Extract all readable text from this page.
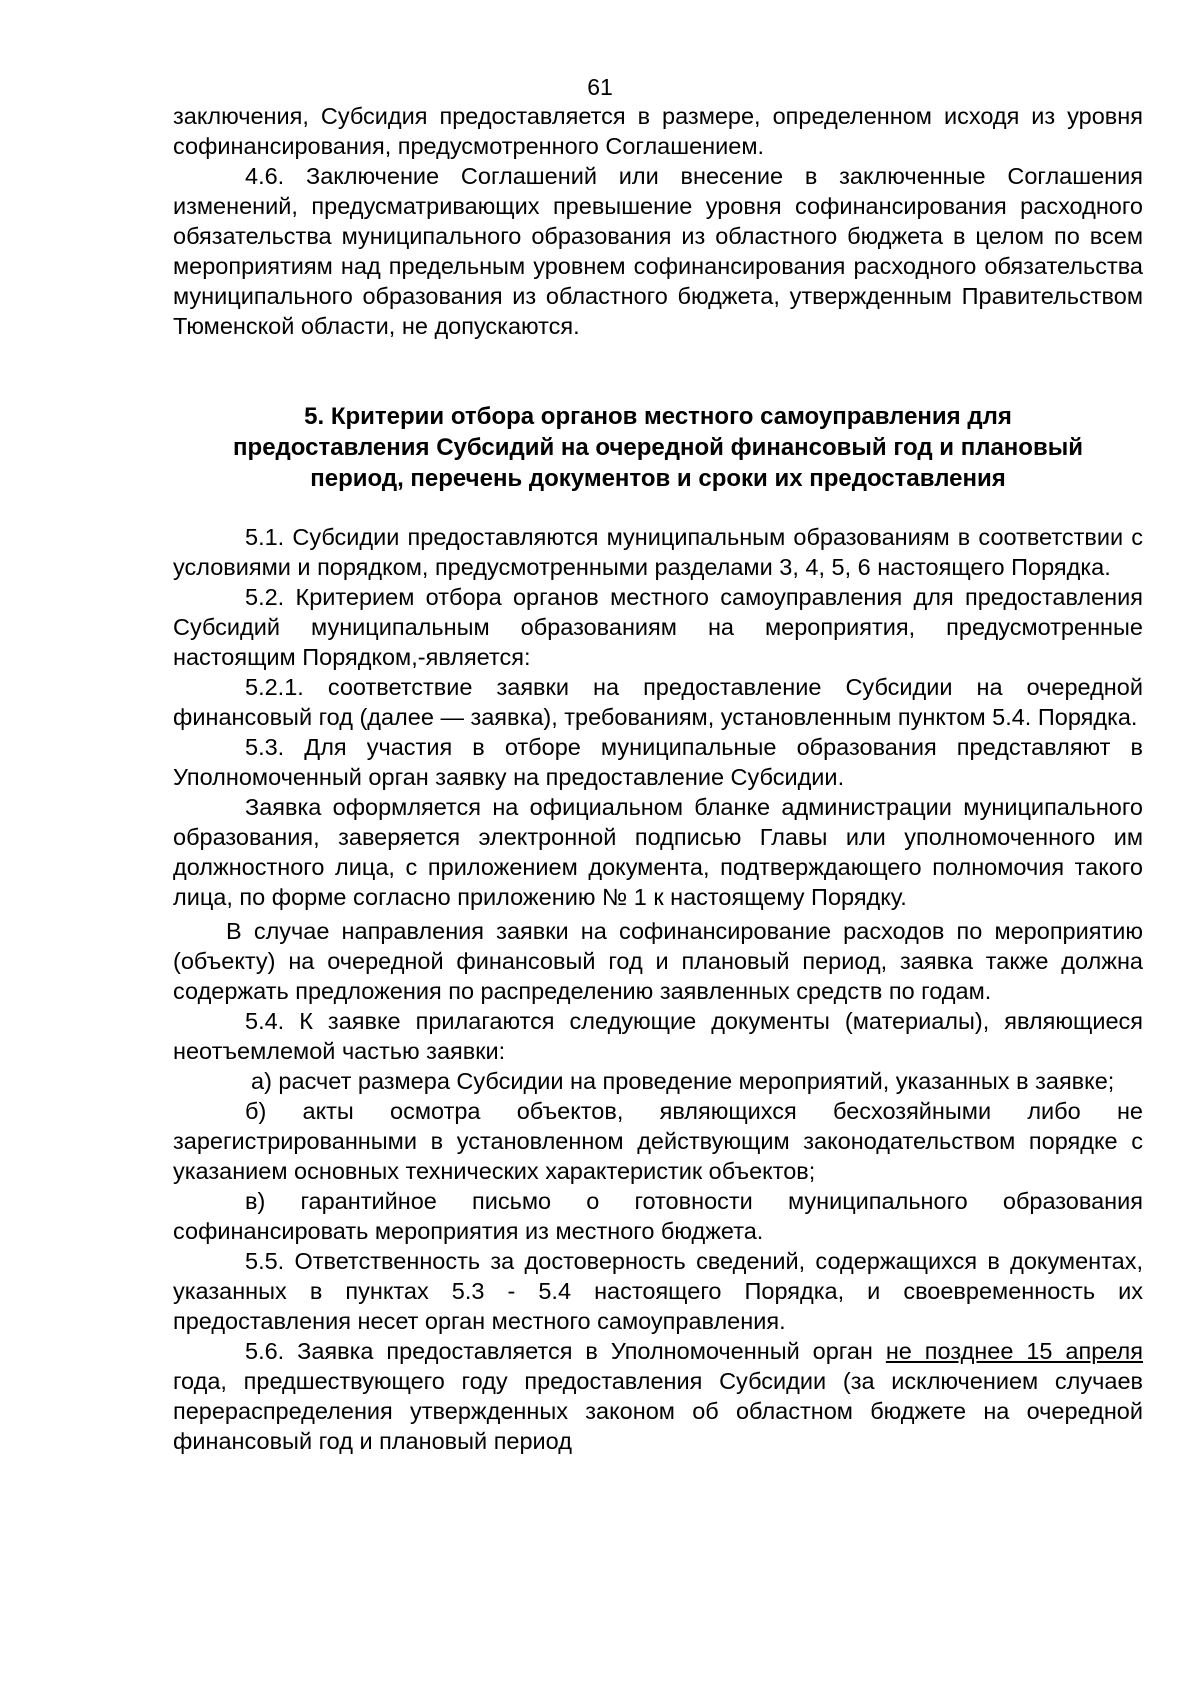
61

заключения, Субсидия предоставляется в размере, определенном исходя из уровня софинансирования, предусмотренного Соглашением.

4.6. Заключение Соглашений или внесение в заключенные Соглашения изменений, предусматривающих превышение уровня софинансирования расходного обязательства муниципального образования из областного бюджета в целом по всем мероприятиям над предельным уровнем софинансирования расходного обязательства муниципального образования из областного бюджета, утвержденным Правительством Тюменской области, не допускаются.

5. Критерии отбора органов местного самоуправления для

предоставления Субсидий на очередной финансовый год и плановый

период, перечень документов и сроки их предоставления

5.1. Субсидии предоставляются муниципальным образованиям в соответствии с условиями и порядком, предусмотренными разделами 3, 4, 5, 6 настоящего Порядка.

5.2. Критерием отбора органов местного самоуправления для предоставления Субсидий муниципальным образованиям на мероприятия, предусмотренные настоящим Порядком,-является:

5.2.1. соответствие заявки на предоставление Субсидии на очередной финансовый год (далее — заявка), требованиям, установленным пунктом 5.4. Порядка.

5.3. Для участия в отборе муниципальные образования представляют в Уполномоченный орган заявку на предоставление Субсидии.

Заявка оформляется на официальном бланке администрации муниципального образования, заверяется электронной подписью Главы или уполномоченного им должностного лица, с приложением документа, подтверждающего полномочия такого лица, по форме согласно приложению № 1 к настоящему Порядку.

В случае направления заявки на софинансирование расходов по мероприятию (объекту) на очередной финансовый год и плановый период, заявка также должна содержать предложения по распределению заявленных средств по годам.

5.4. К заявке прилагаются следующие документы (материалы), являющиеся неотъемлемой частью заявки:

а) расчет размера Субсидии на проведение мероприятий, указанных в заявке;

б) акты осмотра объектов, являющихся бесхозяйными либо не зарегистрированными в установленном действующим законодательством порядке с указанием основных технических характеристик объектов;

в) гарантийное письмо о готовности муниципального образования софинансировать мероприятия из местного бюджета.

5.5. Ответственность за достоверность сведений, содержащихся в документах, указанных в пунктах 5.3 - 5.4 настоящего Порядка, и своевременность их предоставления несет орган местного самоуправления.

5.6. Заявка предоставляется в Уполномоченный орган не позднее 15 апреля года, предшествующего году предоставления Субсидии (за исключением случаев перераспределения утвержденных законом об областном бюджете на очередной финансовый год и плановый период
